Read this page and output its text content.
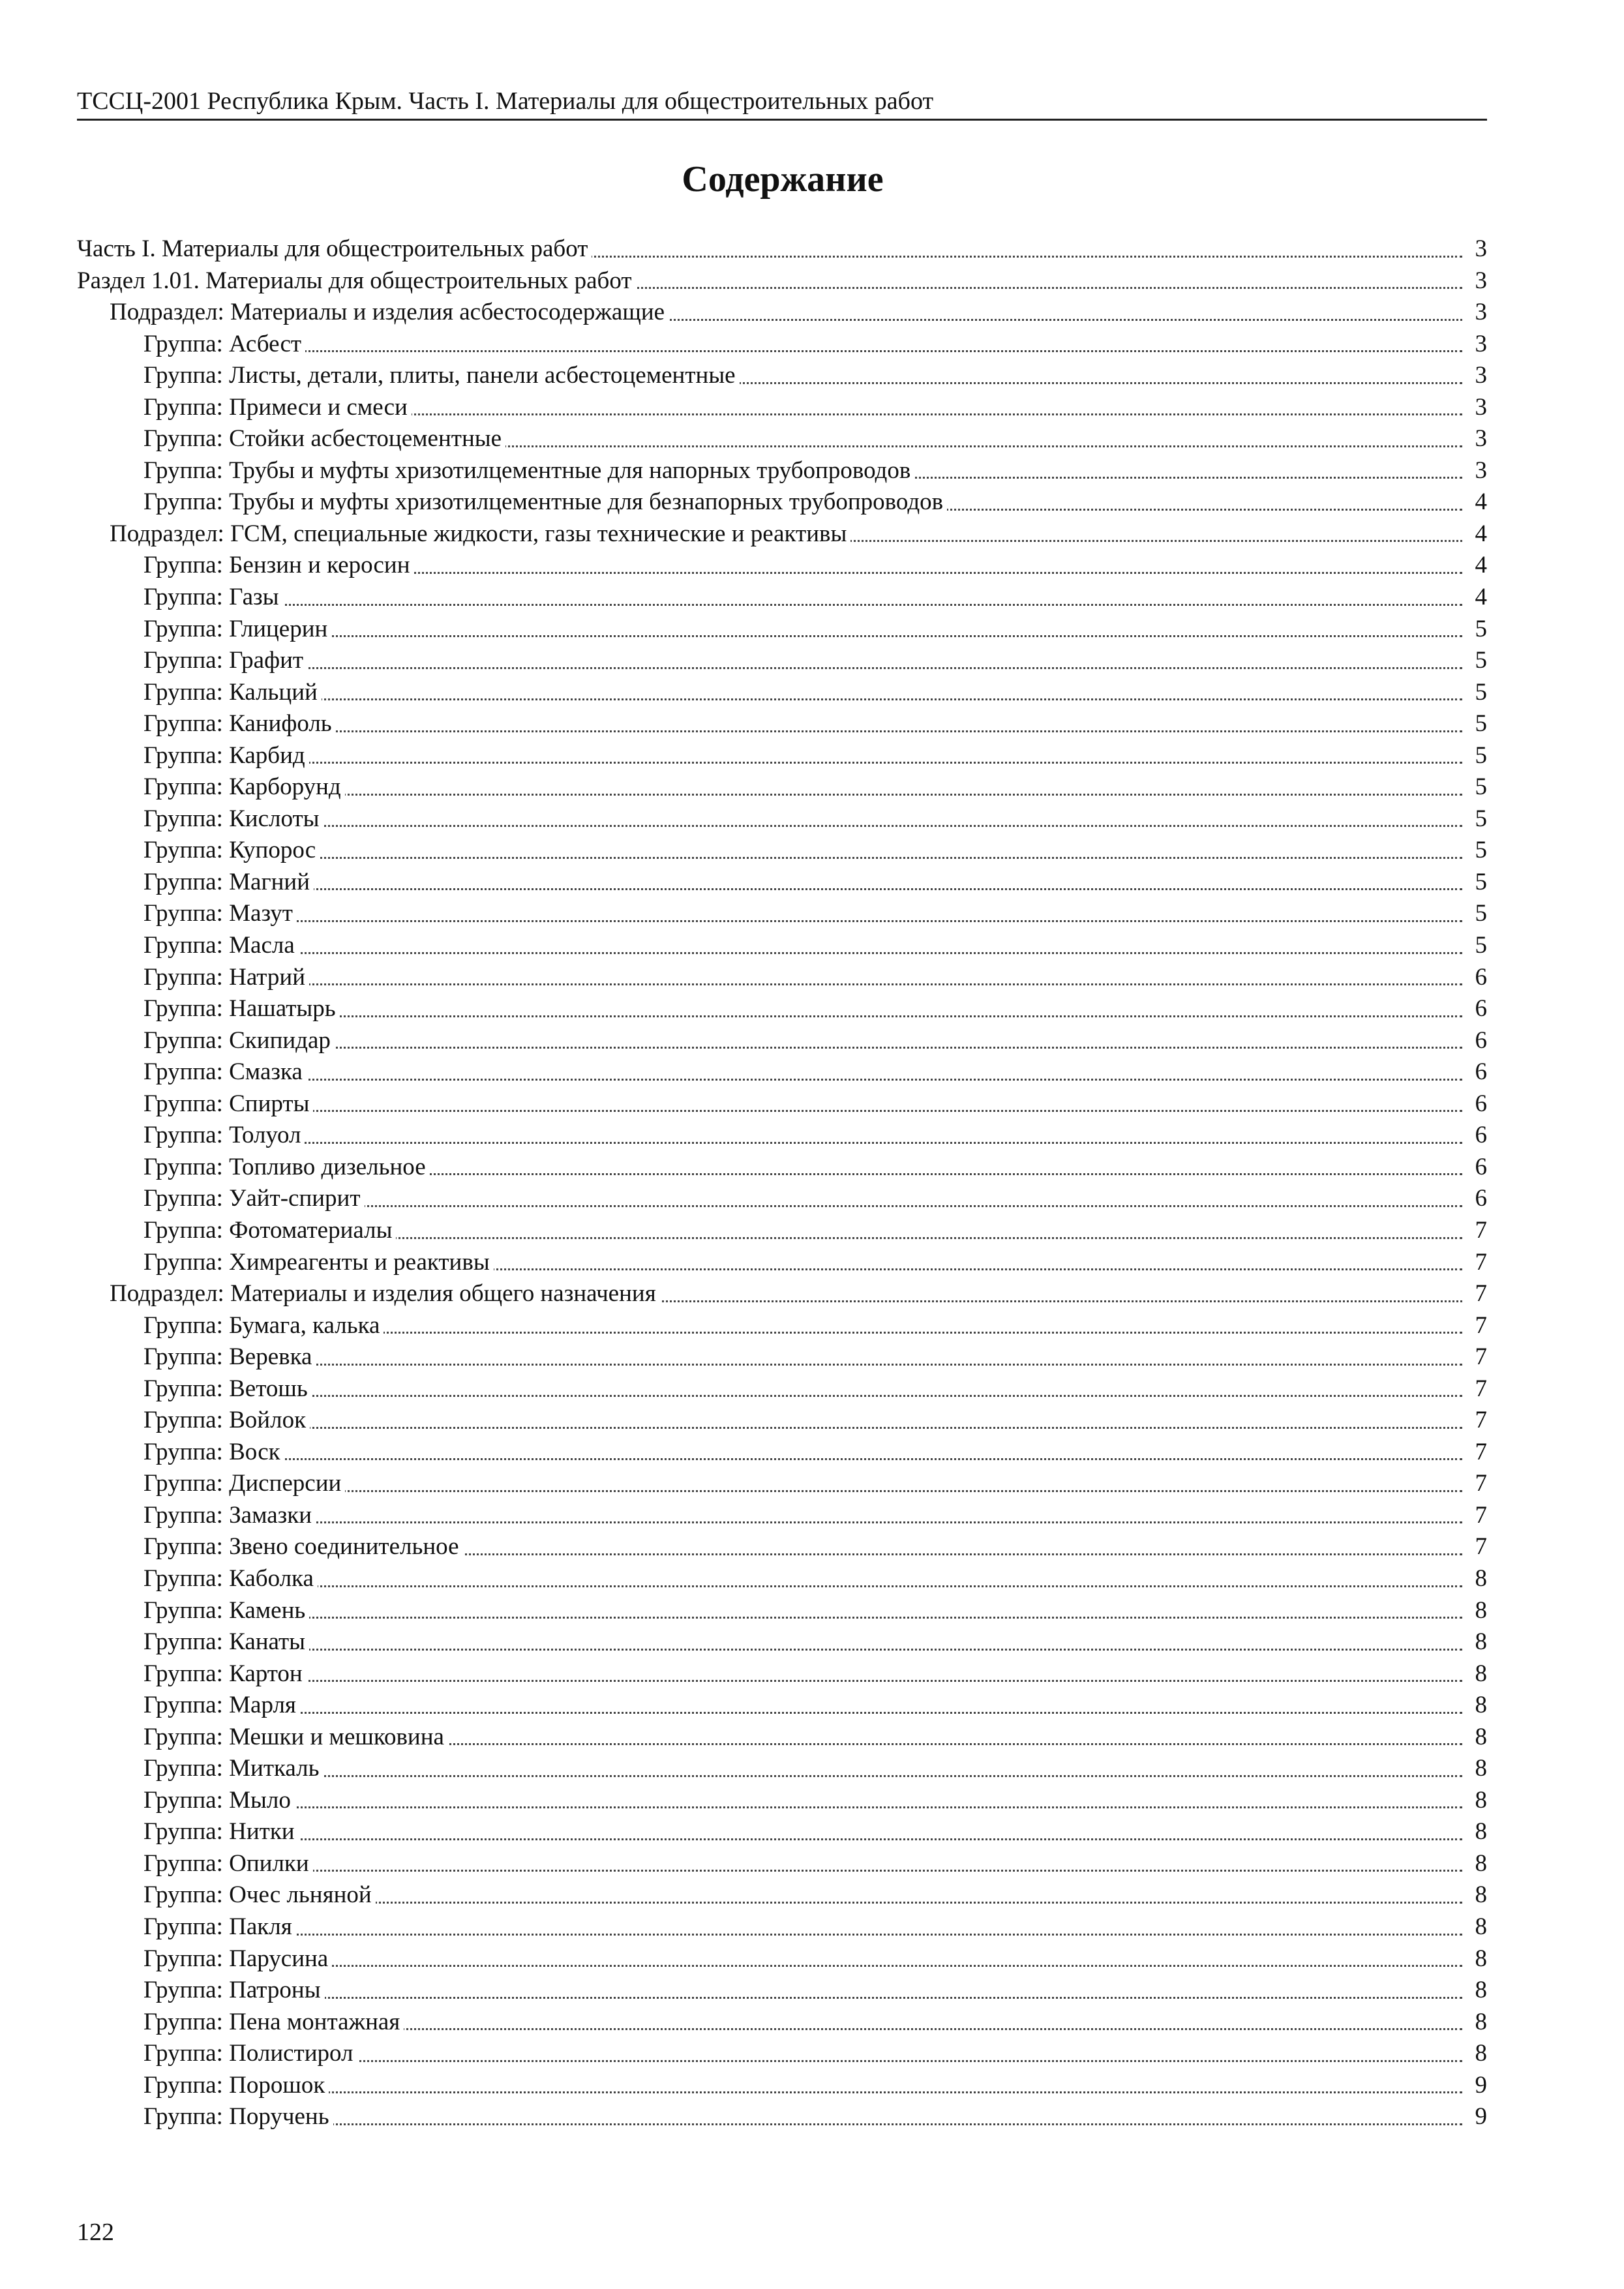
ТССЦ-2001 Республика Крым. Часть I. Материалы для общестроительных работ
Содержание
Часть I. Материалы для общестроительных работ	3
Раздел 1.01. Материалы для общестроительных работ	3
Подраздел: Материалы и изделия асбестосодержащие	3
Группа: Асбест	3
Группа: Листы, детали, плиты, панели асбестоцементные	3
Группа: Примеси и смеси	3
Группа: Стойки асбестоцементные	3
Группа: Трубы и муфты хризотилцементные для напорных трубопроводов	3
Группа: Трубы и муфты хризотилцементные для безнапорных трубопроводов	4
Подраздел: ГСМ, специальные жидкости, газы технические и реактивы	4
Группа: Бензин и керосин	4
Группа: Газы	4
Группа: Глицерин	5
Группа: Графит	5
Группа: Кальций	5
Группа: Канифоль	5
Группа: Карбид	5
Группа: Карборунд	5
Группа: Кислоты	5
Группа: Купорос	5
Группа: Магний	5
Группа: Мазут	5
Группа: Масла	5
Группа: Натрий	6
Группа: Нашатырь	6
Группа: Скипидар	6
Группа: Смазка	6
Группа: Спирты	6
Группа: Толуол	6
Группа: Топливо дизельное	6
Группа: Уайт-спирит	6
Группа: Фотоматериалы	7
Группа: Химреагенты и реактивы	7
Подраздел: Материалы и изделия общего назначения	7
Группа: Бумага, калька	7
Группа: Веревка	7
Группа: Ветошь	7
Группа: Войлок	7
Группа: Воск	7
Группа: Дисперсии	7
Группа: Замазки	7
Группа: Звено соединительное	7
Группа: Каболка	8
Группа: Камень	8
Группа: Канаты	8
Группа: Картон	8
Группа: Марля	8
Группа: Мешки и мешковина	8
Группа: Миткаль	8
Группа: Мыло	8
Группа: Нитки	8
Группа: Опилки	8
Группа: Очес льняной	8
Группа: Пакля	8
Группа: Парусина	8
Группа: Патроны	8
Группа: Пена монтажная	8
Группа: Полистирол	8
Группа: Порошок	9
Группа: Поручень	9
122
